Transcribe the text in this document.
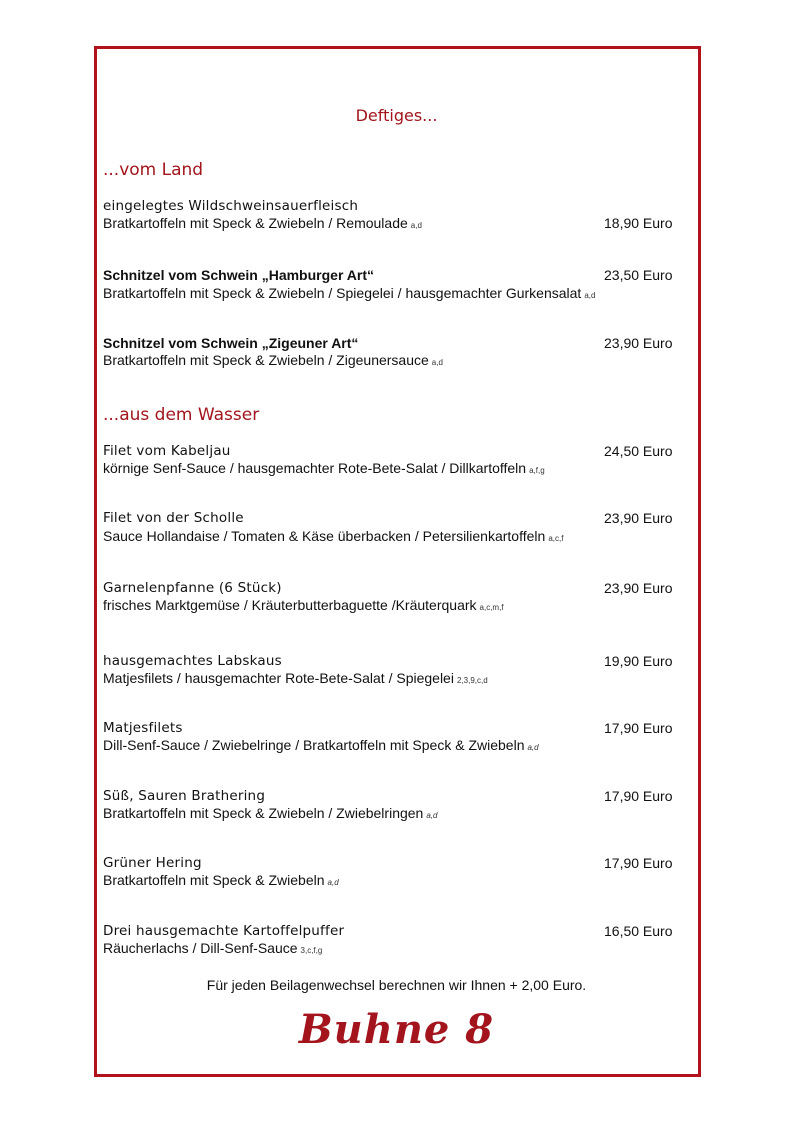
Deftiges...
...vom Land
eingelegtes Wildschweinsauerfleisch
Bratkartoffeln mit Speck & Zwiebeln / Remoulade a,d	18,90 Euro
Schnitzel vom Schwein „Hamburger Art“	23,50 Euro
Bratkartoffeln mit Speck & Zwiebeln / Spiegelei / hausgemachter Gurkensalat a,d
Schnitzel vom Schwein „Zigeuner Art“	23,90 Euro
Bratkartoffeln mit Speck & Zwiebeln / Zigeunersauce a,d
...aus dem Wasser
Filet vom Kabeljau	24,50 Euro
körnige Senf-Sauce / hausgemachter Rote-Bete-Salat / Dillkartoffeln a,f,g
Filet von der Scholle	23,90 Euro
Sauce Hollandaise / Tomaten & Käse überbacken / Petersilienkartoffeln a,c,f
Garnelenpfanne (6 Stück)	23,90 Euro
frisches Marktgemüse / Kräuterbutterbaguette /Kräuterquark a,c,m,f
hausgemachtes Labskaus	19,90 Euro
Matjesfilets / hausgemachter Rote-Bete-Salat / Spiegelei 2,3,9,c,d
Matjesfilets	17,90 Euro
Dill-Senf-Sauce / Zwiebelringe / Bratkartoffeln mit Speck & Zwiebeln a,d
Süß, Sauren Brathering	17,90 Euro
Bratkartoffeln mit Speck & Zwiebeln / Zwiebelringen a,d
Grüner Hering	17,90 Euro
Bratkartoffeln mit Speck & Zwiebeln a,d
Drei hausgemachte Kartoffelpuffer	16,50 Euro
Räucherlachs / Dill-Senf-Sauce 3,c,f,g
Für jeden Beilagenwechsel berechnen wir Ihnen + 2,00 Euro.
Buhne 8
